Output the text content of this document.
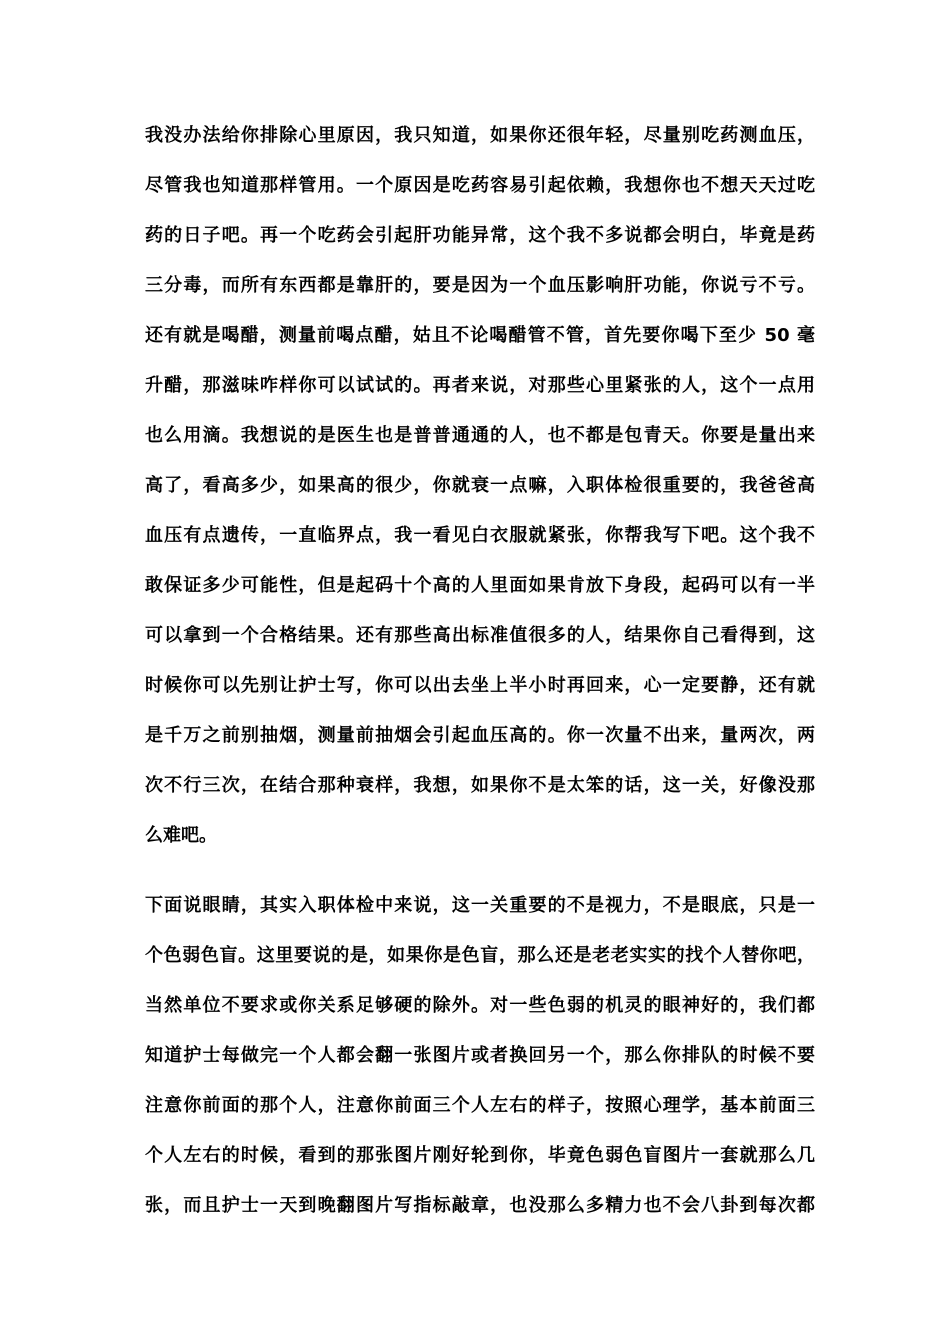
我没办法给你排除心里原因，我只知道，如果你还很年轻，尽量别吃药测血压，
尽管我也知道那样管用。一个原因是吃药容易引起依赖，我想你也不想天天过吃
药的日子吧。再一个吃药会引起肝功能异常，这个我不多说都会明白，毕竟是药
三分毒，而所有东西都是靠肝的，要是因为一个血压影响肝功能，你说亏不亏。
还有就是喝醋，测量前喝点醋，姑且不论喝醋管不管，首先要你喝下至少 50 毫
升醋，那滋味咋样你可以试试的。再者来说，对那些心里紧张的人，这个一点用
也么用滴。我想说的是医生也是普普通通的人，也不都是包青天。你要是量出来
高了，看高多少，如果高的很少，你就衰一点嘛，入职体检很重要的，我爸爸高
血压有点遗传，一直临界点，我一看见白衣服就紧张，你帮我写下吧。这个我不
敢保证多少可能性，但是起码十个高的人里面如果肯放下身段，起码可以有一半
可以拿到一个合格结果。还有那些高出标准值很多的人，结果你自己看得到，这
时候你可以先别让护士写，你可以出去坐上半小时再回来，心一定要静，还有就
是千万之前别抽烟，测量前抽烟会引起血压高的。你一次量不出来，量两次，两
次不行三次，在结合那种衰样，我想，如果你不是太笨的话，这一关，好像没那
么难吧。
下面说眼睛，其实入职体检中来说，这一关重要的不是视力，不是眼底，只是一
个色弱色盲。这里要说的是，如果你是色盲，那么还是老老实实的找个人替你吧，
当然单位不要求或你关系足够硬的除外。对一些色弱的机灵的眼神好的，我们都
知道护士每做完一个人都会翻一张图片或者换回另一个，那么你排队的时候不要
注意你前面的那个人，注意你前面三个人左右的样子，按照心理学，基本前面三
个人左右的时候，看到的那张图片刚好轮到你，毕竟色弱色盲图片一套就那么几
张，而且护士一天到晚翻图片写指标敲章，也没那么多精力也不会八卦到每次都
